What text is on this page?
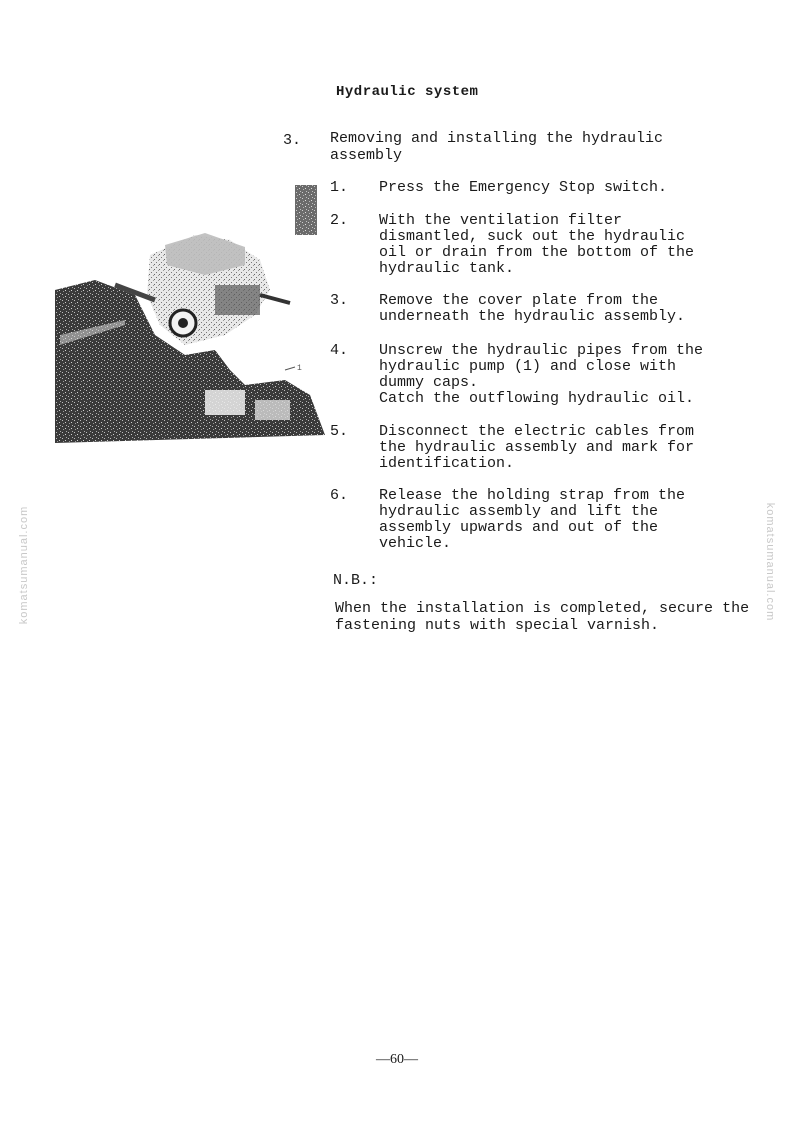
Hydraulic system
3. Removing and installing the hydraulic assembly
1
1. Press the Emergency Stop switch.
2. With the ventilation filter
dismantled, suck out the hydraulic
oil or drain from the bottom of the
hydraulic tank.
3. Remove the cover plate from the
underneath the hydraulic assembly.
4. Unscrew the hydraulic pipes from the
hydraulic pump (1) and close with
dummy caps.
Catch the outflowing hydraulic oil.
5. Disconnect the electric cables from
the hydraulic assembly and mark for
identification.
6. Release the holding strap from the
hydraulic assembly and lift the
assembly upwards and out of the
vehicle.
N.B.:
When the installation is completed, secure the fastening nuts with special varnish.
komatsumanual.com	komatsumanual.com
—60—
